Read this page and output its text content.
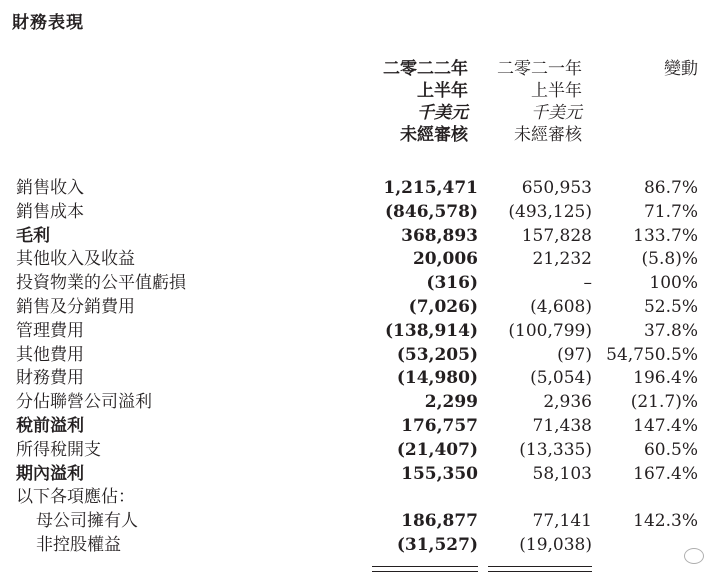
財務表現
二零二二年
上半年
千美元
未經審核
二零二一年
上半年
千美元
未經審核
變動
銷售收入	1,215,471	650,953	86.7%
銷售成本	(846,578) (493,125)	71.7%
毛利	368,893	157,828 133.7%
其他收入及收益	20,006	21,232	(5.8)%
投資物業的公平值虧損	(316)	–	100%
銷售及分銷費用	(7,026)	(4,608)	52.5%
管理費用	(138,914) (100,799)	37.8%
其他費用	(53,205)	(97) 54,750.5%
財務費用	(14,980)	(5,054) 196.4%
分佔聯營公司溢利	2,299	2,936 (21.7)%
稅前溢利	176,757	71,438 147.4%
所得稅開支	(21,407) (13,335)	60.5%
期內溢利	155,350	58,103 167.4%
以下各項應佔：
母公司擁有人	186,877	77,141 142.3%
非控股權益	(31,527) (19,038)
